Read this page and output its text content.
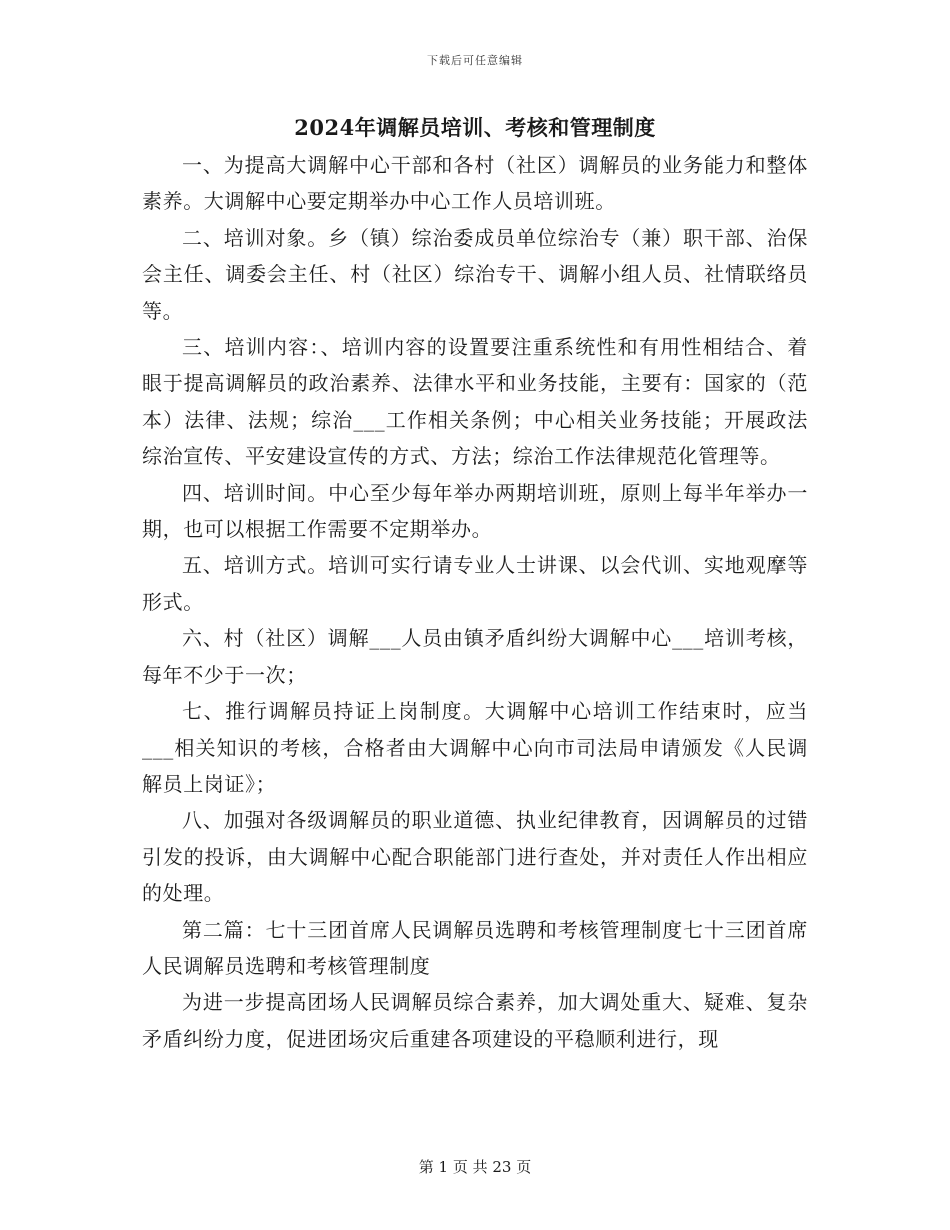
下载后可任意编辑
2024年调解员培训、考核和管理制度

一、为提高大调解中心干部和各村（社区）调解员的业务能力和整体素养。大调解中心要定期举办中心工作人员培训班。

二、培训对象。乡（镇）综治委成员单位综治专（兼）职干部、治保会主任、调委会主任、村（社区）综治专干、调解小组人员、社情联络员等。

三、培训内容：、培训内容的设置要注重系统性和有用性相结合、着眼于提高调解员的政治素养、法律水平和业务技能，主要有：国家的（范本）法律、法规；综治___工作相关条例；中心相关业务技能；开展政法综治宣传、平安建设宣传的方式、方法；综治工作法律规范化管理等。

四、培训时间。中心至少每年举办两期培训班，原则上每半年举办一期，也可以根据工作需要不定期举办。

五、培训方式。培训可实行请专业人士讲课、以会代训、实地观摩等形式。

六、村（社区）调解___人员由镇矛盾纠纷大调解中心___培训考核，每年不少于一次；

七、推行调解员持证上岗制度。大调解中心培训工作结束时，应当___相关知识的考核，合格者由大调解中心向市司法局申请颁发《人民调解员上岗证》；

八、加强对各级调解员的职业道德、执业纪律教育，因调解员的过错引发的投诉，由大调解中心配合职能部门进行查处，并对责任人作出相应的处理。

第二篇：七十三团首席人民调解员选聘和考核管理制度七十三团首席人民调解员选聘和考核管理制度

为进一步提高团场人民调解员综合素养，加大调处重大、疑难、复杂矛盾纠纷力度，促进团场灾后重建各项建设的平稳顺利进行，现

第 1 页 共 23 页
